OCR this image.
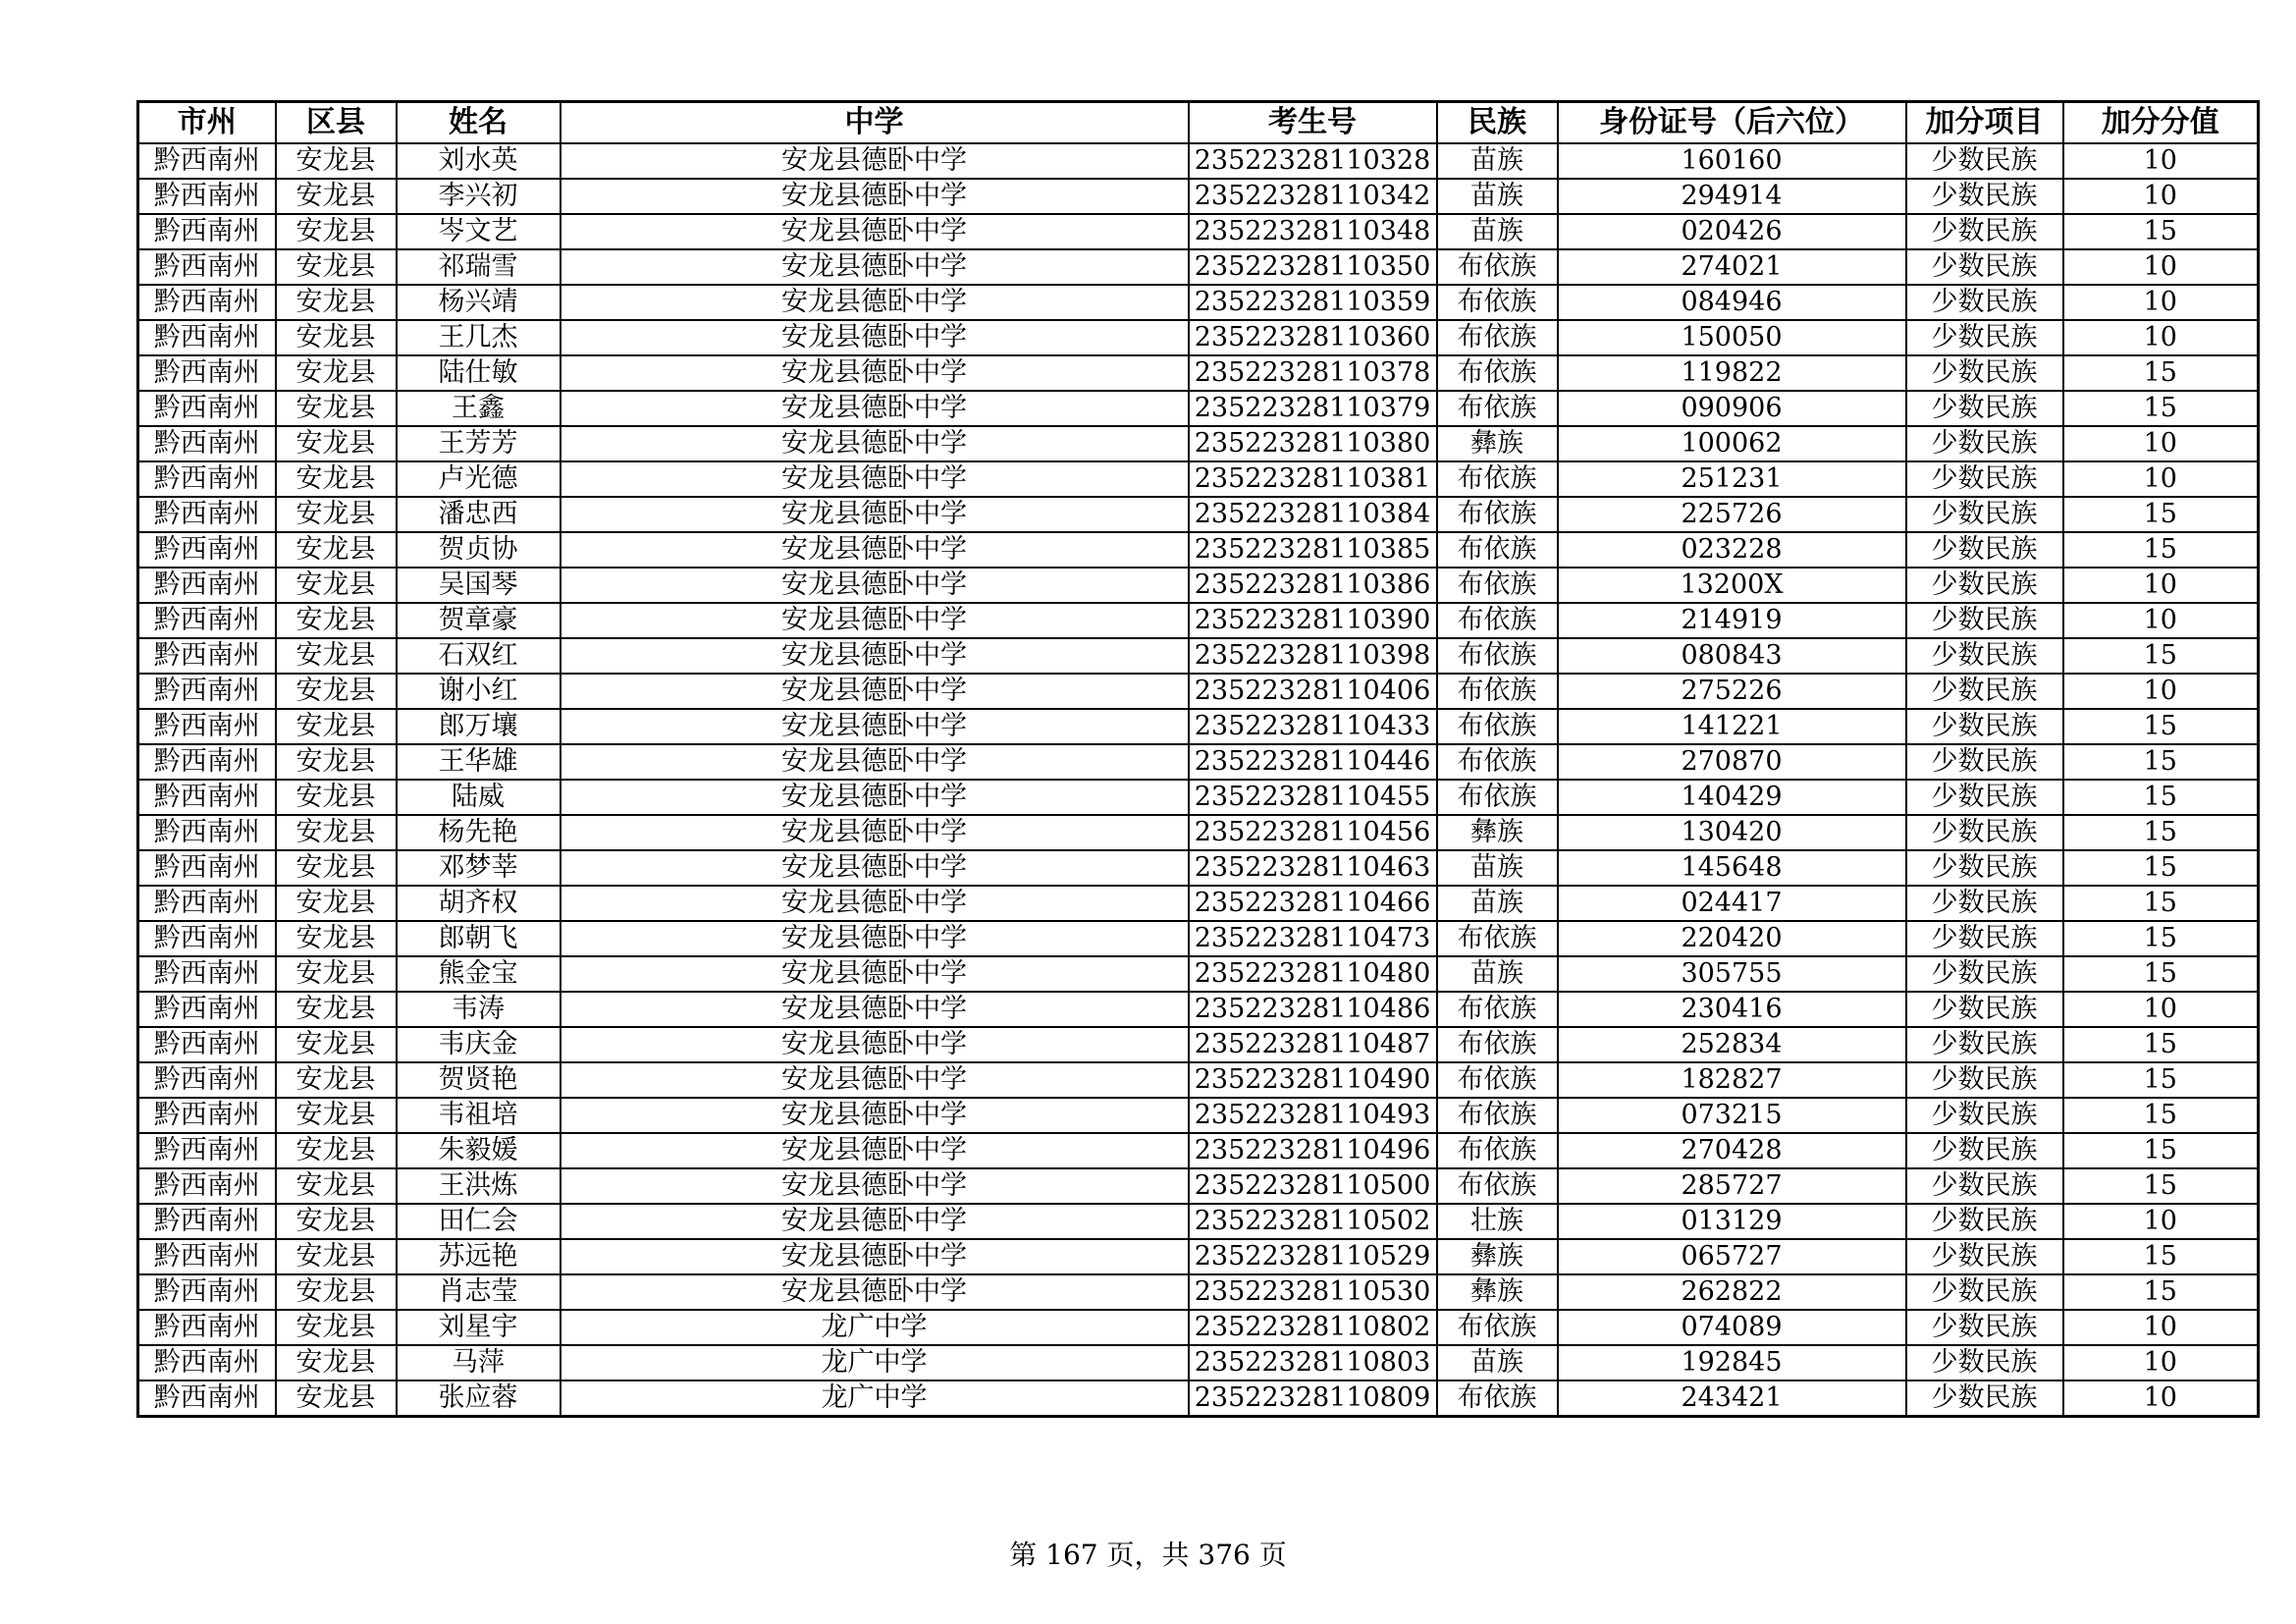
市州	区县	姓名	中学	考生号	民族	身份证号（后六位）	加分项目	加分分值
黔西南州	安龙县	刘水英	安龙县德卧中学	23522328110328	苗族	160160	少数民族	10
黔西南州	安龙县	李兴初	安龙县德卧中学	23522328110342	苗族	294914	少数民族	10
黔西南州	安龙县	岑文艺	安龙县德卧中学	23522328110348	苗族	020426	少数民族	15
黔西南州	安龙县	祁瑞雪	安龙县德卧中学	23522328110350	布依族	274021	少数民族	10
黔西南州	安龙县	杨兴靖	安龙县德卧中学	23522328110359	布依族	084946	少数民族	10
黔西南州	安龙县	王几杰	安龙县德卧中学	23522328110360	布依族	150050	少数民族	10
黔西南州	安龙县	陆仕敏	安龙县德卧中学	23522328110378	布依族	119822	少数民族	15
黔西南州	安龙县	王鑫	安龙县德卧中学	23522328110379	布依族	090906	少数民族	15
黔西南州	安龙县	王芳芳	安龙县德卧中学	23522328110380	彝族	100062	少数民族	10
黔西南州	安龙县	卢光德	安龙县德卧中学	23522328110381	布依族	251231	少数民族	10
黔西南州	安龙县	潘忠西	安龙县德卧中学	23522328110384	布依族	225726	少数民族	15
黔西南州	安龙县	贺贞协	安龙县德卧中学	23522328110385	布依族	023228	少数民族	15
黔西南州	安龙县	吴国琴	安龙县德卧中学	23522328110386	布依族	13200X	少数民族	10
黔西南州	安龙县	贺章豪	安龙县德卧中学	23522328110390	布依族	214919	少数民族	10
黔西南州	安龙县	石双红	安龙县德卧中学	23522328110398	布依族	080843	少数民族	15
黔西南州	安龙县	谢小红	安龙县德卧中学	23522328110406	布依族	275226	少数民族	10
黔西南州	安龙县	郎万壤	安龙县德卧中学	23522328110433	布依族	141221	少数民族	15
黔西南州	安龙县	王华雄	安龙县德卧中学	23522328110446	布依族	270870	少数民族	15
黔西南州	安龙县	陆威	安龙县德卧中学	23522328110455	布依族	140429	少数民族	15
黔西南州	安龙县	杨先艳	安龙县德卧中学	23522328110456	彝族	130420	少数民族	15
黔西南州	安龙县	邓梦莘	安龙县德卧中学	23522328110463	苗族	145648	少数民族	15
黔西南州	安龙县	胡齐权	安龙县德卧中学	23522328110466	苗族	024417	少数民族	15
黔西南州	安龙县	郎朝飞	安龙县德卧中学	23522328110473	布依族	220420	少数民族	15
黔西南州	安龙县	熊金宝	安龙县德卧中学	23522328110480	苗族	305755	少数民族	15
黔西南州	安龙县	韦涛	安龙县德卧中学	23522328110486	布依族	230416	少数民族	10
黔西南州	安龙县	韦庆金	安龙县德卧中学	23522328110487	布依族	252834	少数民族	15
黔西南州	安龙县	贺贤艳	安龙县德卧中学	23522328110490	布依族	182827	少数民族	15
黔西南州	安龙县	韦祖培	安龙县德卧中学	23522328110493	布依族	073215	少数民族	15
黔西南州	安龙县	朱毅媛	安龙县德卧中学	23522328110496	布依族	270428	少数民族	15
黔西南州	安龙县	王洪炼	安龙县德卧中学	23522328110500	布依族	285727	少数民族	15
黔西南州	安龙县	田仁会	安龙县德卧中学	23522328110502	壮族	013129	少数民族	10
黔西南州	安龙县	苏远艳	安龙县德卧中学	23522328110529	彝族	065727	少数民族	15
黔西南州	安龙县	肖志莹	安龙县德卧中学	23522328110530	彝族	262822	少数民族	15
黔西南州	安龙县	刘星宇	龙广中学	23522328110802	布依族	074089	少数民族	10
黔西南州	安龙县	马萍	龙广中学	23522328110803	苗族	192845	少数民族	10
黔西南州	安龙县	张应蓉	龙广中学	23522328110809	布依族	243421	少数民族	10
第 167 页，共 376 页
